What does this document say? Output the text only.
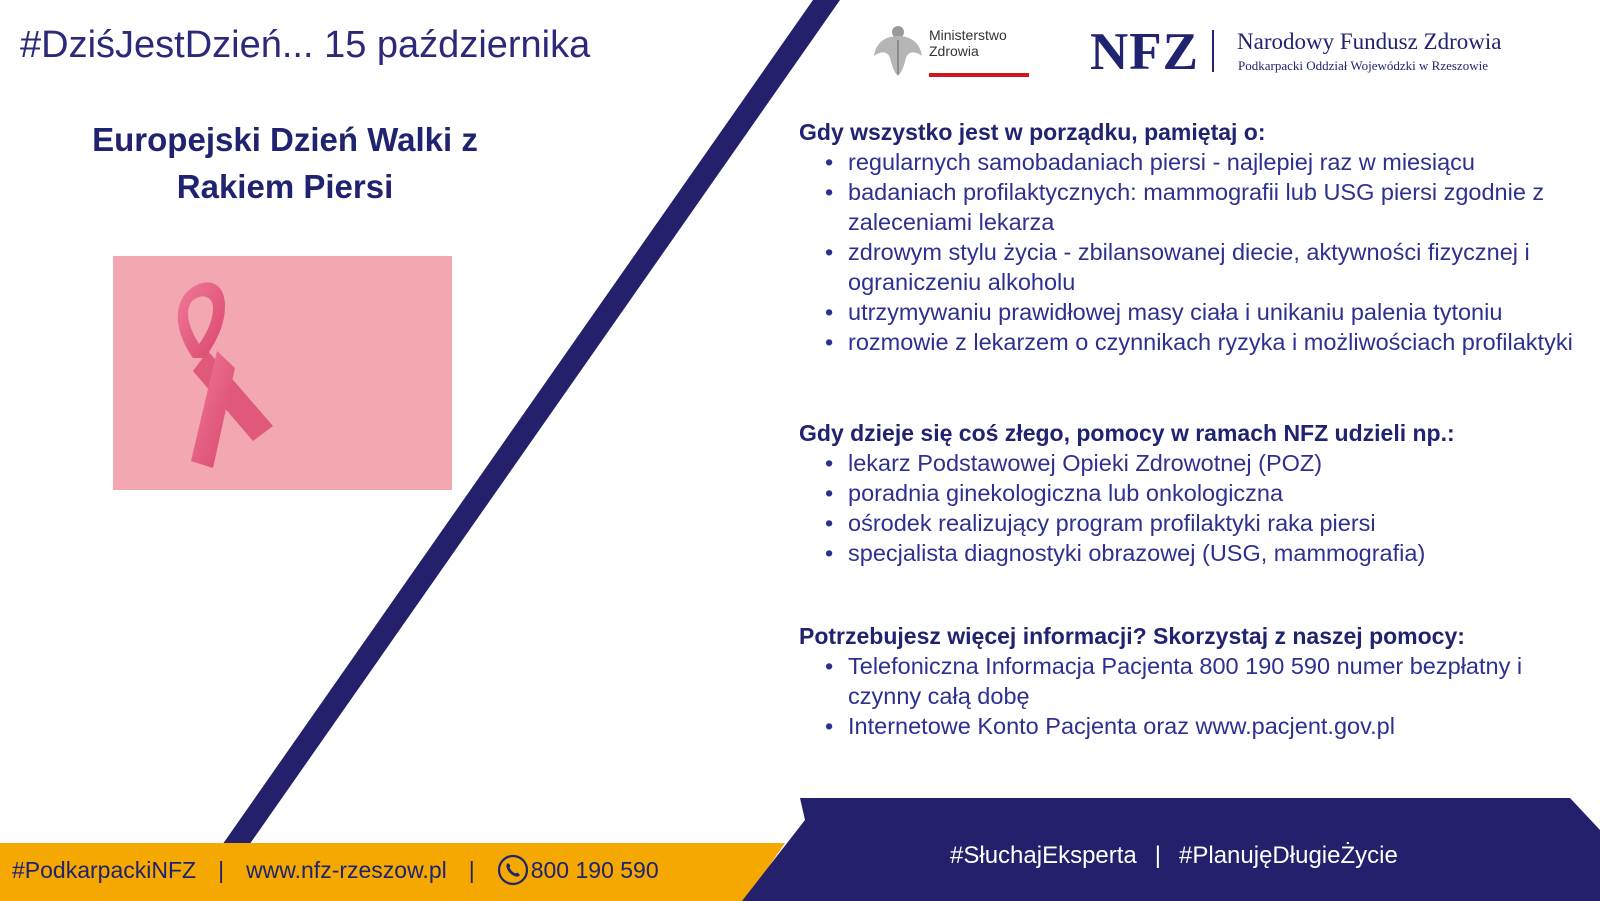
#DziśJestDzień... 15 października
Europejski Dzień Walki z
Rakiem Piersi
Ministerstwo
Zdrowia	NFZ Narodowy Fundusz Zdrowia
Podkarpacki Oddział Wojewódzki w Rzeszowie

Gdy wszystko jest w porządku, pamiętaj o:

• regularnych samobadaniach piersi - najlepiej raz w miesiącu
• badaniach profilaktycznych: mammografii lub USG piersi zgodnie z zaleceniami lekarza
• zdrowym stylu życia - zbilansowanej diecie, aktywności fizycznej i ograniczeniu alkoholu
• utrzymywaniu prawidłowej masy ciała i unikaniu palenia tytoniu
• rozmowie z lekarzem o czynnikach ryzyka i możliwościach profilaktyki

Gdy dzieje się coś złego, pomocy w ramach NFZ udzieli np.:

• lekarz Podstawowej Opieki Zdrowotnej (POZ)
• poradnia ginekologiczna lub onkologiczna
• ośrodek realizujący program profilaktyki raka piersi
• specjalista diagnostyki obrazowej (USG, mammografia)

Potrzebujesz więcej informacji? Skorzystaj z naszej pomocy:

• Telefoniczna Informacja Pacjenta 800 190 590 numer bezpłatny i czynny całą dobę
• Internetowe Konto Pacjenta oraz www.pacjent.gov.pl
#PodkarpackiNFZ | www.nfz-rzeszow.pl | 800 190 590
#SłuchajEksperta | #PlanujęDługieŻycie
